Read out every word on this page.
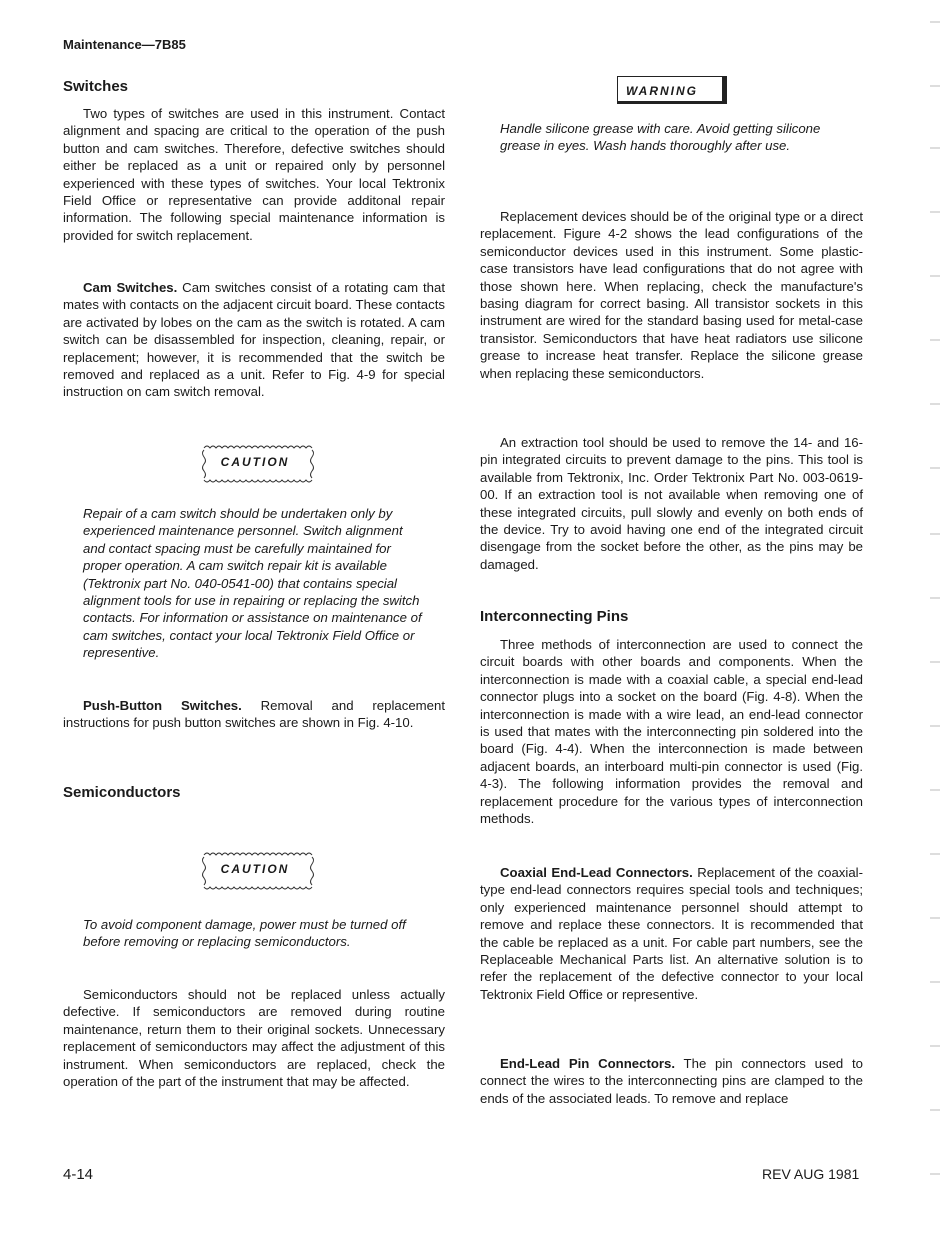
Maintenance—7B85
Switches

Two types of switches are used in this instrument. Contact alignment and spacing are critical to the operation of the push button and cam switches. Therefore, defective switches should either be replaced as a unit or repaired only by personnel experienced with these types of switches. Your local Tektronix Field Office or representative can provide additonal repair information. The following special maintenance information is provided for switch replacement.

Cam Switches. Cam switches consist of a rotating cam that mates with contacts on the adjacent circuit board. These contacts are activated by lobes on the cam as the switch is rotated. A cam switch can be disassembled for inspection, cleaning, repair, or replacement; however, it is recommended that the switch be removed and replaced as a unit. Refer to Fig. 4-9 for special instruction on cam switch removal.

CAUTION

Repair of a cam switch should be undertaken only by experienced maintenance personnel. Switch alignment and contact spacing must be carefully maintained for proper operation. A cam switch repair kit is available (Tektronix part No. 040-0541-00) that contains special alignment tools for use in repairing or replacing the switch contacts. For information or assistance on maintenance of cam switches, contact your local Tektronix Field Office or representive.

Push-Button Switches. Removal and replacement instructions for push button switches are shown in Fig. 4-10.

Semiconductors
CAUTION

To avoid component damage, power must be turned off before removing or replacing semiconductors.

Semiconductors should not be replaced unless actually defective. If semiconductors are removed during routine maintenance, return them to their original sockets. Unnecessary replacement of semiconductors may affect the adjustment of this instrument. When semiconductors are replaced, check the operation of the part of the instrument that may be affected.

WARNING

Handle silicone grease with care. Avoid getting silicone grease in eyes. Wash hands thoroughly after use.

Replacement devices should be of the original type or a direct replacement. Figure 4-2 shows the lead configurations of the semiconductor devices used in this instrument. Some plastic-case transistors have lead configurations that do not agree with those shown here. When replacing, check the manufacture's basing diagram for correct basing. All transistor sockets in this instrument are wired for the standard basing used for metal-case transistor. Semiconductors that have heat radiators use silicone grease to increase heat transfer. Replace the silicone grease when replacing these semiconductors.

An extraction tool should be used to remove the 14- and 16-pin integrated circuits to prevent damage to the pins. This tool is available from Tektronix, Inc. Order Tektronix Part No. 003-0619-00. If an extraction tool is not available when removing one of these integrated circuits, pull slowly and evenly on both ends of the device. Try to avoid having one end of the integrated circuit disengage from the socket before the other, as the pins may be damaged.

Interconnecting Pins

Three methods of interconnection are used to connect the circuit boards with other boards and components. When the interconnection is made with a coaxial cable, a special end-lead connector plugs into a socket on the board (Fig. 4-8). When the interconnection is made with a wire lead, an end-lead connector is used that mates with the interconnecting pin soldered into the board (Fig. 4-4). When the interconnection is made between adjacent boards, an interboard multi-pin connector is used (Fig. 4-3). The following information provides the removal and replacement procedure for the various types of interconnection methods.

Coaxial End-Lead Connectors. Replacement of the coaxial-type end-lead connectors requires special tools and techniques; only experienced maintenance personnel should attempt to remove and replace these connectors. It is recommended that the cable be replaced as a unit. For cable part numbers, see the Replaceable Mechanical Parts list. An alternative solution is to refer the replacement of the defective connector to your local Tektronix Field Office or representive.

End-Lead Pin Connectors. The pin connectors used to connect the wires to the interconnecting pins are clamped to the ends of the associated leads. To remove and replace

4-14	REV AUG 1981
